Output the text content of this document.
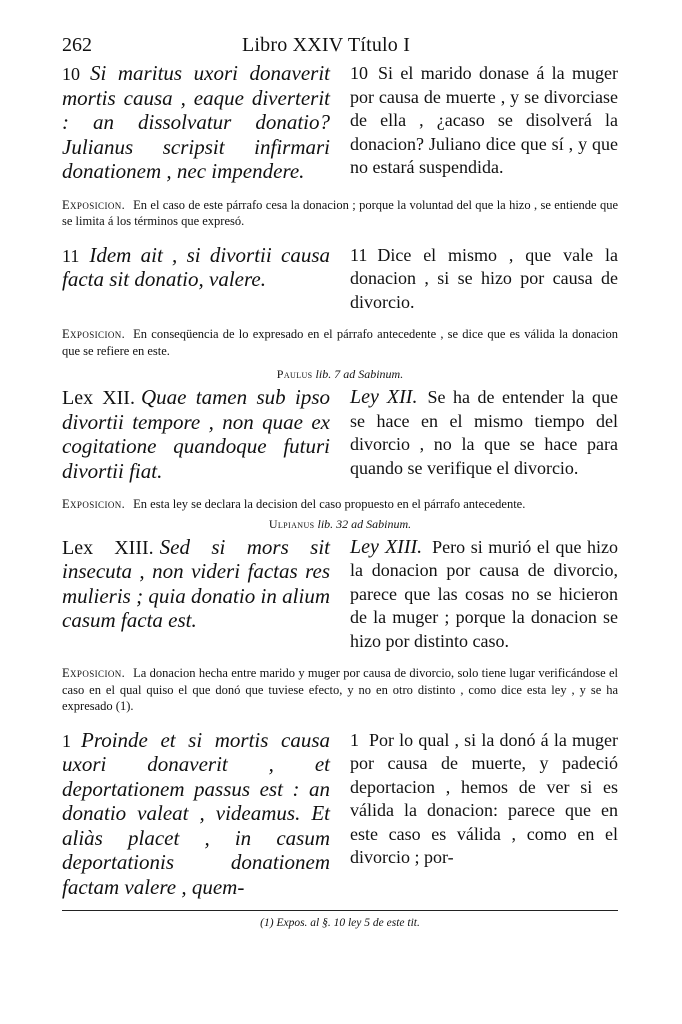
262	Libro XXIV Título I
10 Si maritus uxori donaverit mortis causa , eaque diverterit : an dissolvatur donatio? Julianus scripsit infirmari donationem , nec impendere.
10 Si el marido donase á la muger por causa de muerte , y se divorciase de ella , ¿acaso se disolverá la donacion? Juliano dice que sí , y que no estará suspendida.
Exposicion. En el caso de este párrafo cesa la donacion ; porque la voluntad del que la hizo , se entiende que se limita á los términos que expresó.
11 Idem ait , si divortii causa facta sit donatio, valere.
11 Dice el mismo , que vale la donacion , si se hizo por causa de divorcio.
Exposicion. En conseqüencia de lo expresado en el párrafo antecedente , se dice que es válida la donacion que se refiere en este.
Paulus lib. 7 ad Sabinum.
Lex XII. Quae tamen sub ipso divortii tempore , non quae ex cogitatione quandoque futuri divortii fiat.
Ley XII. Se ha de entender la que se hace en el mismo tiempo del divorcio , no la que se hace para quando se verifique el divorcio.
Exposicion. En esta ley se declara la decision del caso propuesto en el párrafo antecedente.
Ulpianus lib. 32 ad Sabinum.
Lex XIII. Sed si mors sit insecuta , non videri factas res mulieris ; quia donatio in alium casum facta est.
Ley XIII. Pero si murió el que hizo la donacion por causa de divorcio, parece que las cosas no se hicieron de la muger ; porque la donacion se hizo por distinto caso.
Exposicion. La donacion hecha entre marido y muger por causa de divorcio, solo tiene lugar verificándose el caso en el qual quiso el que donó que tuviese efecto, y no en otro distinto , como dice esta ley , y se ha expresado (1).
1 Proinde et si mortis causa uxori donaverit , et deportationem passus est : an donatio valeat , videamus. Et aliàs placet , in casum deportationis donationem factam valere , quem-
1 Por lo qual , si la donó á la muger por causa de muerte, y padeció deportacion , hemos de ver si es válida la donacion: parece que en este caso es válida , como en el divorcio ; por-
(1) Expos. al §. 10 ley 5 de este tit.
